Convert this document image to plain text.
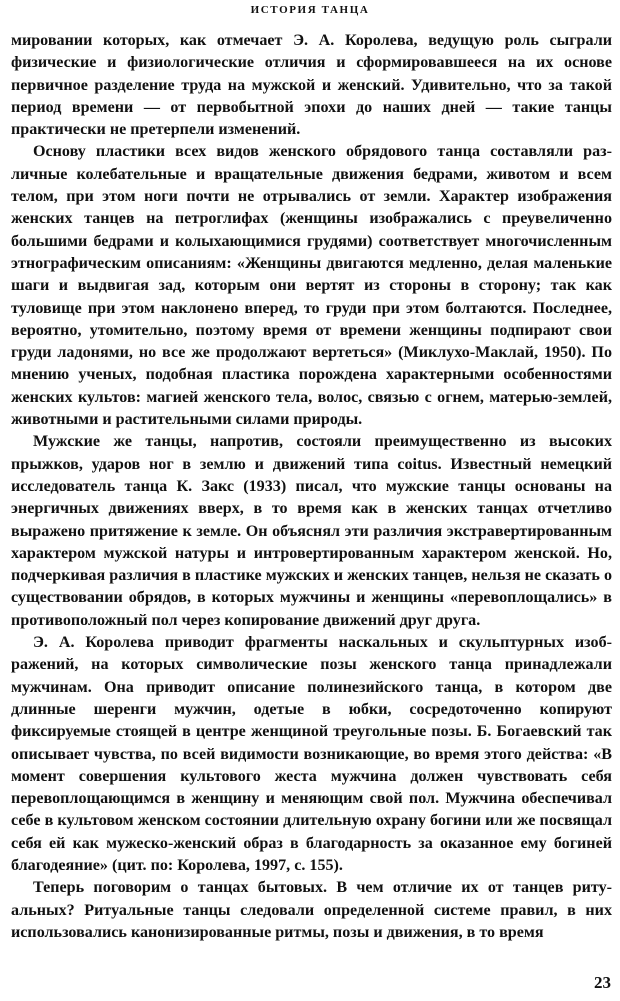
ИСТОРИЯ ТАНЦА

мировании которых, как отмечает Э. А. Королева, ведущую роль сыграли физические и физиологические отличия и сформировавшееся на их основе первичное разделение труда на мужской и женский. Удивительно, что за такой период времени — от первобытной эпохи до наших дней — такие танцы практически не претерпели изменений.

Основу пластики всех видов женского обрядового танца составляли различные колебательные и вращательные движения бедрами, животом и всем телом, при этом ноги почти не отрывались от земли. Характер изображения женских танцев на петроглифах (женщины изображались с преувеличенно большими бедрами и колыхающимися грудями) соответствует многочисленным этнографическим описаниям: «Женщины двигаются медленно, делая маленькие шаги и выдвигая зад, которым они вертят из стороны в сторону; так как туловище при этом наклонено вперед, то груди при этом болтаются. Последнее, вероятно, утомительно, поэтому время от времени женщины подпирают свои груди ладонями, но все же продолжают вертеться» (Миклухо-Маклай, 1950). По мнению ученых, подобная пластика порождена характерными особенностями женских культов: магией женского тела, волос, связью с огнем, матерью-землей, животными и растительными силами природы.

Мужские же танцы, напротив, состояли преимущественно из высоких прыжков, ударов ног в землю и движений типа coitus. Известный немецкий исследователь танца К. Закс (1933) писал, что мужские танцы основаны на энергичных движениях вверх, в то время как в женских танцах отчетливо выражено притяжение к земле. Он объяснял эти различия экстравертированным характером мужской натуры и интровертированным характером женской. Но, подчеркивая различия в пластике мужских и женских танцев, нельзя не сказать о существовании обрядов, в которых мужчины и женщины «перевоплощались» в противоположный пол через копирование движений друг друга.

Э. А. Королева приводит фрагменты наскальных и скульптурных изображений, на которых символические позы женского танца принадлежали мужчинам. Она приводит описание полинезийского танца, в котором две длинные шеренги мужчин, одетые в юбки, сосредоточенно копируют фиксируемые стоящей в центре женщиной треугольные позы. Б. Богаевский так описывает чувства, по всей видимости возникающие, во время этого действа: «В момент совершения культового жеста мужчина должен чувствовать себя перевоплощающимся в женщину и меняющим свой пол. Мужчина обеспечивал себе в культовом женском состоянии длительную охрану богини или же посвящал себя ей как мужеско-женский образ в благодарность за оказанное ему богиней благодеяние» (цит. по: Королева, 1997, с. 155).

Теперь поговорим о танцах бытовых. В чем отличие их от танцев ритуальных? Ритуальные танцы следовали определенной системе правил, в них использовались канонизированные ритмы, позы и движения, в то время

23
